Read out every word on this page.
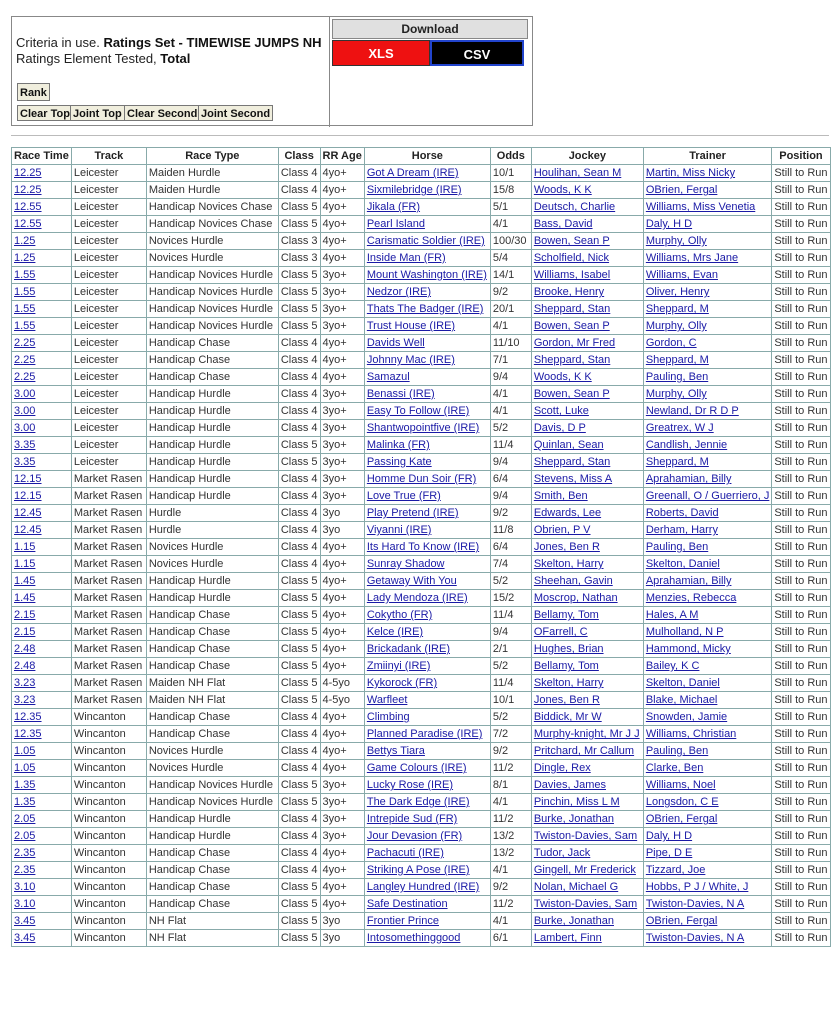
Criteria in use. Ratings Set - TIMEWISE JUMPS NH
Ratings Element Tested, Total
Rank
Clear Top Joint Top Clear Second Joint Second
Download
XLS	CSV
Race Time	Track	Race Type	Class	RR Age	Horse	Odds	Jockey	Trainer	Position
12.25	Leicester	Maiden Hurdle	Class 4	4yo+	Got A Dream (IRE)	10/1	Houlihan, Sean M	Martin, Miss Nicky	Still to Run
12.25	Leicester	Maiden Hurdle	Class 4	4yo+	Sixmilebridge (IRE)	15/8	Woods, K K	OBrien, Fergal	Still to Run
12.55	Leicester	Handicap Novices Chase	Class 5	4yo+	Jikala (FR)	5/1	Deutsch, Charlie	Williams, Miss Venetia	Still to Run
12.55	Leicester	Handicap Novices Chase	Class 5	4yo+	Pearl Island	4/1	Bass, David	Daly, H D	Still to Run
1.25	Leicester	Novices Hurdle	Class 3	4yo+	Carismatic Soldier (IRE)	100/30	Bowen, Sean P	Murphy, Olly	Still to Run
1.25	Leicester	Novices Hurdle	Class 3	4yo+	Inside Man (FR)	5/4	Scholfield, Nick	Williams, Mrs Jane	Still to Run
1.55	Leicester	Handicap Novices Hurdle	Class 5	3yo+	Mount Washington (IRE)	14/1	Williams, Isabel	Williams, Evan	Still to Run
1.55	Leicester	Handicap Novices Hurdle	Class 5	3yo+	Nedzor (IRE)	9/2	Brooke, Henry	Oliver, Henry	Still to Run
1.55	Leicester	Handicap Novices Hurdle	Class 5	3yo+	Thats The Badger (IRE)	20/1	Sheppard, Stan	Sheppard, M	Still to Run
1.55	Leicester	Handicap Novices Hurdle	Class 5	3yo+	Trust House (IRE)	4/1	Bowen, Sean P	Murphy, Olly	Still to Run
2.25	Leicester	Handicap Chase	Class 4	4yo+	Davids Well	11/10	Gordon, Mr Fred	Gordon, C	Still to Run
2.25	Leicester	Handicap Chase	Class 4	4yo+	Johnny Mac (IRE)	7/1	Sheppard, Stan	Sheppard, M	Still to Run
2.25	Leicester	Handicap Chase	Class 4	4yo+	Samazul	9/4	Woods, K K	Pauling, Ben	Still to Run
3.00	Leicester	Handicap Hurdle	Class 4	3yo+	Benassi (IRE)	4/1	Bowen, Sean P	Murphy, Olly	Still to Run
3.00	Leicester	Handicap Hurdle	Class 4	3yo+	Easy To Follow (IRE)	4/1	Scott, Luke	Newland, Dr R D P	Still to Run
3.00	Leicester	Handicap Hurdle	Class 4	3yo+	Shantwopointfive (IRE)	5/2	Davis, D P	Greatrex, W J	Still to Run
3.35	Leicester	Handicap Hurdle	Class 5	3yo+	Malinka (FR)	11/4	Quinlan, Sean	Candlish, Jennie	Still to Run
3.35	Leicester	Handicap Hurdle	Class 5	3yo+	Passing Kate	9/4	Sheppard, Stan	Sheppard, M	Still to Run
12.15	Market Rasen	Handicap Hurdle	Class 4	3yo+	Homme Dun Soir (FR)	6/4	Stevens, Miss A	Aprahamian, Billy	Still to Run
12.15	Market Rasen	Handicap Hurdle	Class 4	3yo+	Love True (FR)	9/4	Smith, Ben	Greenall, O / Guerriero, J	Still to Run
12.45	Market Rasen	Hurdle	Class 4	3yo	Play Pretend (IRE)	9/2	Edwards, Lee	Roberts, David	Still to Run
12.45	Market Rasen	Hurdle	Class 4	3yo	Viyanni (IRE)	11/8	Obrien, P V	Derham, Harry	Still to Run
1.15	Market Rasen	Novices Hurdle	Class 4	4yo+	Its Hard To Know (IRE)	6/4	Jones, Ben R	Pauling, Ben	Still to Run
1.15	Market Rasen	Novices Hurdle	Class 4	4yo+	Sunray Shadow	7/4	Skelton, Harry	Skelton, Daniel	Still to Run
1.45	Market Rasen	Handicap Hurdle	Class 5	4yo+	Getaway With You	5/2	Sheehan, Gavin	Aprahamian, Billy	Still to Run
1.45	Market Rasen	Handicap Hurdle	Class 5	4yo+	Lady Mendoza (IRE)	15/2	Moscrop, Nathan	Menzies, Rebecca	Still to Run
2.15	Market Rasen	Handicap Chase	Class 5	4yo+	Cokytho (FR)	11/4	Bellamy, Tom	Hales, A M	Still to Run
2.15	Market Rasen	Handicap Chase	Class 5	4yo+	Kelce (IRE)	9/4	OFarrell, C	Mulholland, N P	Still to Run
2.48	Market Rasen	Handicap Chase	Class 5	4yo+	Brickadank (IRE)	2/1	Hughes, Brian	Hammond, Micky	Still to Run
2.48	Market Rasen	Handicap Chase	Class 5	4yo+	Zmiinyi (IRE)	5/2	Bellamy, Tom	Bailey, K C	Still to Run
3.23	Market Rasen	Maiden NH Flat	Class 5	4-5yo	Kykorock (FR)	11/4	Skelton, Harry	Skelton, Daniel	Still to Run
3.23	Market Rasen	Maiden NH Flat	Class 5	4-5yo	Warfleet	10/1	Jones, Ben R	Blake, Michael	Still to Run
12.35	Wincanton	Handicap Chase	Class 4	4yo+	Climbing	5/2	Biddick, Mr W	Snowden, Jamie	Still to Run
12.35	Wincanton	Handicap Chase	Class 4	4yo+	Planned Paradise (IRE)	7/2	Murphy-knight, Mr J J	Williams, Christian	Still to Run
1.05	Wincanton	Novices Hurdle	Class 4	4yo+	Bettys Tiara	9/2	Pritchard, Mr Callum	Pauling, Ben	Still to Run
1.05	Wincanton	Novices Hurdle	Class 4	4yo+	Game Colours (IRE)	11/2	Dingle, Rex	Clarke, Ben	Still to Run
1.35	Wincanton	Handicap Novices Hurdle	Class 5	3yo+	Lucky Rose (IRE)	8/1	Davies, James	Williams, Noel	Still to Run
1.35	Wincanton	Handicap Novices Hurdle	Class 5	3yo+	The Dark Edge (IRE)	4/1	Pinchin, Miss L M	Longsdon, C E	Still to Run
2.05	Wincanton	Handicap Hurdle	Class 4	3yo+	Intrepide Sud (FR)	11/2	Burke, Jonathan	OBrien, Fergal	Still to Run
2.05	Wincanton	Handicap Hurdle	Class 4	3yo+	Jour Devasion (FR)	13/2	Twiston-Davies, Sam	Daly, H D	Still to Run
2.35	Wincanton	Handicap Chase	Class 4	4yo+	Pachacuti (IRE)	13/2	Tudor, Jack	Pipe, D E	Still to Run
2.35	Wincanton	Handicap Chase	Class 4	4yo+	Striking A Pose (IRE)	4/1	Gingell, Mr Frederick	Tizzard, Joe	Still to Run
3.10	Wincanton	Handicap Chase	Class 5	4yo+	Langley Hundred (IRE)	9/2	Nolan, Michael G	Hobbs, P J / White, J	Still to Run
3.10	Wincanton	Handicap Chase	Class 5	4yo+	Safe Destination	11/2	Twiston-Davies, Sam	Twiston-Davies, N A	Still to Run
3.45	Wincanton	NH Flat	Class 5	3yo	Frontier Prince	4/1	Burke, Jonathan	OBrien, Fergal	Still to Run
3.45	Wincanton	NH Flat	Class 5	3yo	Intosomethinggood	6/1	Lambert, Finn	Twiston-Davies, N A	Still to Run
